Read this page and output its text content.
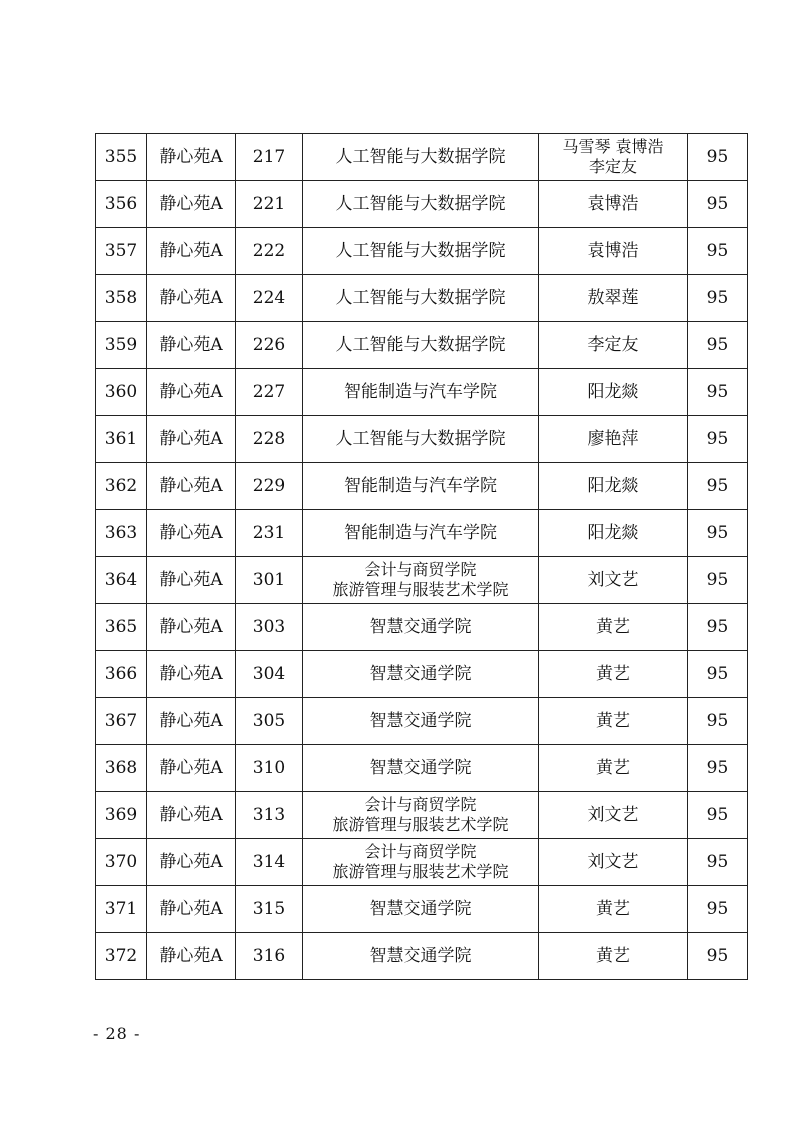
355	静心苑A	217	人工智能与大数据学院	马雪琴 袁博浩
李定友	95
356	静心苑A	221	人工智能与大数据学院	袁博浩	95
357	静心苑A	222	人工智能与大数据学院	袁博浩	95
358	静心苑A	224	人工智能与大数据学院	敖翠莲	95
359	静心苑A	226	人工智能与大数据学院	李定友	95
360	静心苑A	227	智能制造与汽车学院	阳龙燚	95
361	静心苑A	228	人工智能与大数据学院	廖艳萍	95
362	静心苑A	229	智能制造与汽车学院	阳龙燚	95
363	静心苑A	231	智能制造与汽车学院	阳龙燚	95
364	静心苑A	301	会计与商贸学院
旅游管理与服装艺术学院	刘文艺	95
365	静心苑A	303	智慧交通学院	黄艺	95
366	静心苑A	304	智慧交通学院	黄艺	95
367	静心苑A	305	智慧交通学院	黄艺	95
368	静心苑A	310	智慧交通学院	黄艺	95
369	静心苑A	313	会计与商贸学院
旅游管理与服装艺术学院	刘文艺	95
370	静心苑A	314	会计与商贸学院
旅游管理与服装艺术学院	刘文艺	95
371	静心苑A	315	智慧交通学院	黄艺	95
372	静心苑A	316	智慧交通学院	黄艺	95
- 28 -
